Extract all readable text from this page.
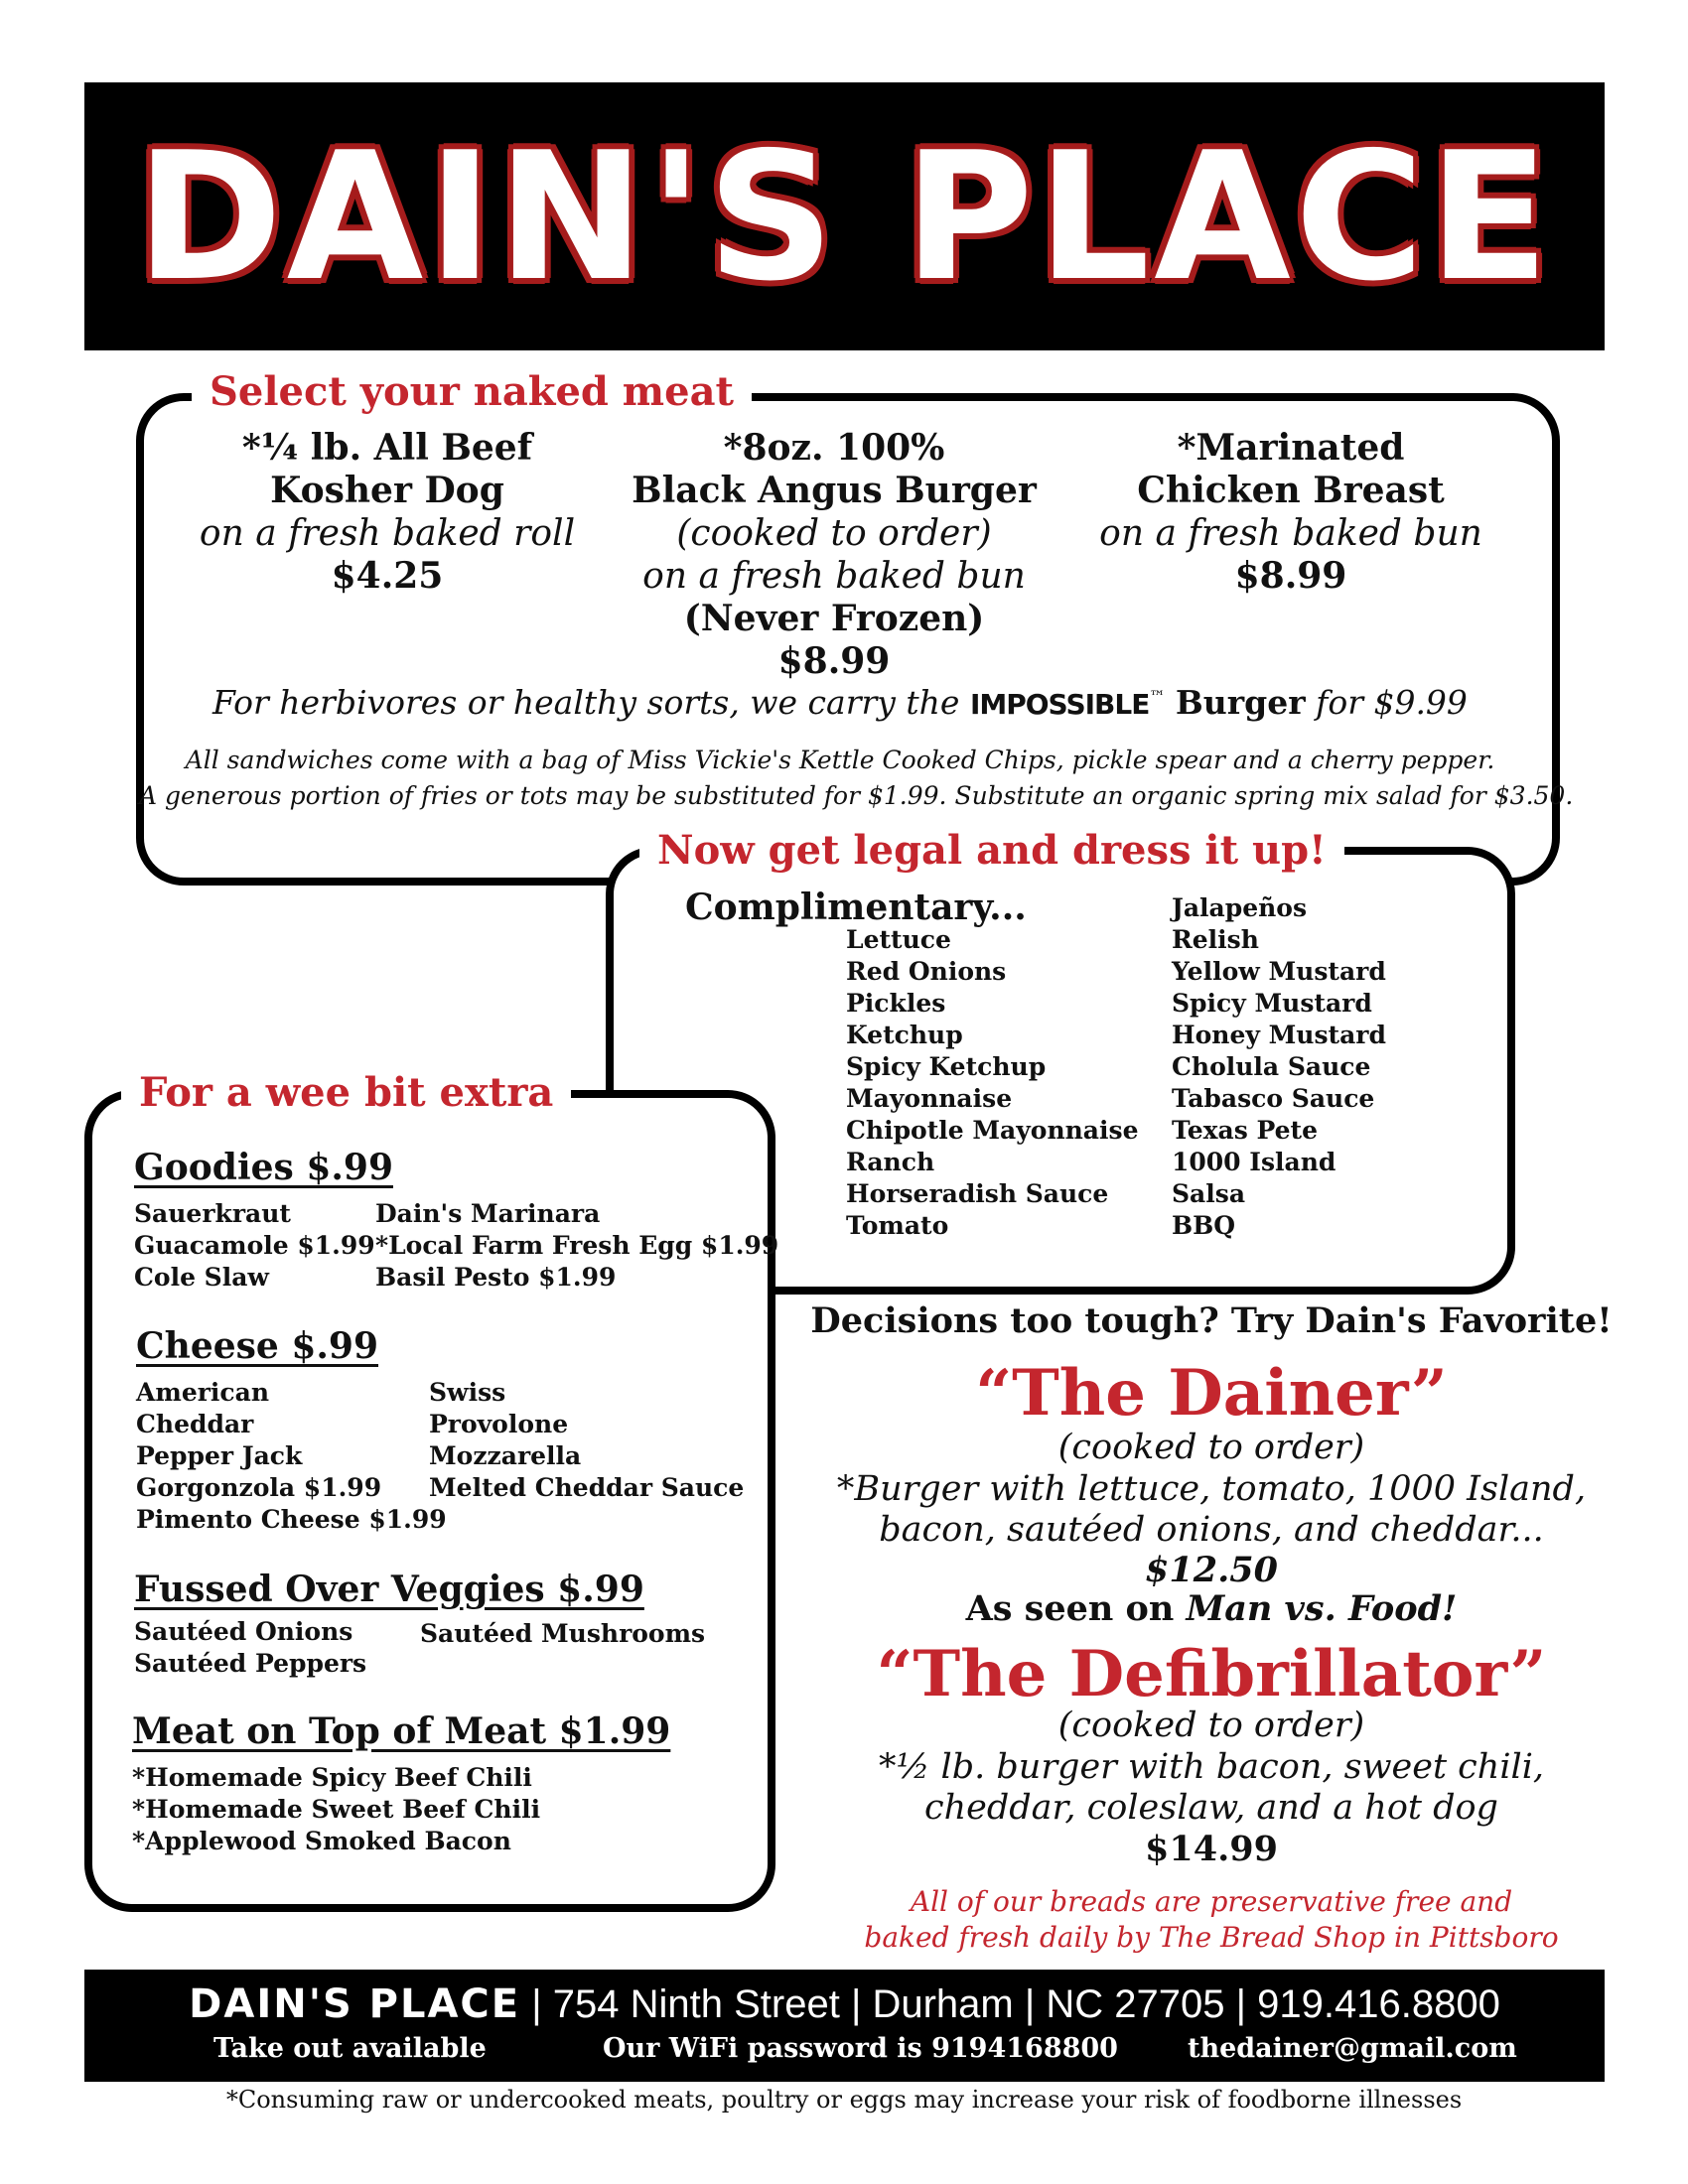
DAIN'S PLACE
Select your naked meat
*¼ lb. All Beef
Kosher Dog
on a fresh baked roll
$4.25
*8oz. 100%
Black Angus Burger
(cooked to order)
on a fresh baked bun
(Never Frozen)
$8.99
*Marinated
Chicken Breast
on a fresh baked bun
$8.99
For herbivores or healthy sorts, we carry the IMPOSSIBLE™ Burger for $9.99
All sandwiches come with a bag of Miss Vickie's Kettle Cooked Chips, pickle spear and a cherry pepper.
A generous portion of fries or tots may be substituted for $1.99. Substitute an organic spring mix salad for $3.50.
Now get legal and dress it up!
Complimentary...
Lettuce
Red Onions
Pickles
Ketchup
Spicy Ketchup
Mayonnaise
Chipotle Mayonnaise
Ranch
Horseradish Sauce
Tomato
Jalapeños
Relish
Yellow Mustard
Spicy Mustard
Honey Mustard
Cholula Sauce
Tabasco Sauce
Texas Pete
1000 Island
Salsa
BBQ
For a wee bit extra
Goodies $.99
Sauerkraut
Guacamole $1.99
Cole Slaw
Dain's Marinara
*Local Farm Fresh Egg $1.99
Basil Pesto $1.99
Cheese $.99
American
Cheddar
Pepper Jack
Gorgonzola $1.99
Pimento Cheese $1.99
Swiss
Provolone
Mozzarella
Melted Cheddar Sauce
Fussed Over Veggies $.99
Sautéed Onions
Sautéed Peppers
Sautéed Mushrooms
Meat on Top of Meat $1.99
*Homemade Spicy Beef Chili
*Homemade Sweet Beef Chili
*Applewood Smoked Bacon
Decisions too tough? Try Dain's Favorite!
“The Dainer”
(cooked to order)
*Burger with lettuce, tomato, 1000 Island,
bacon, sautéed onions, and cheddar...
$12.50
As seen on Man vs. Food!
“The Defibrillator”
(cooked to order)
*½ lb. burger with bacon, sweet chili,
cheddar, coleslaw, and a hot dog
$14.99
All of our breads are preservative free and
baked fresh daily by The Bread Shop in Pittsboro
DAIN'S PLACE | 754 Ninth Street | Durham | NC 27705 | 919.416.8800
Take out available	Our WiFi password is 9194168800	thedainer@gmail.com
*Consuming raw or undercooked meats, poultry or eggs may increase your risk of foodborne illnesses
